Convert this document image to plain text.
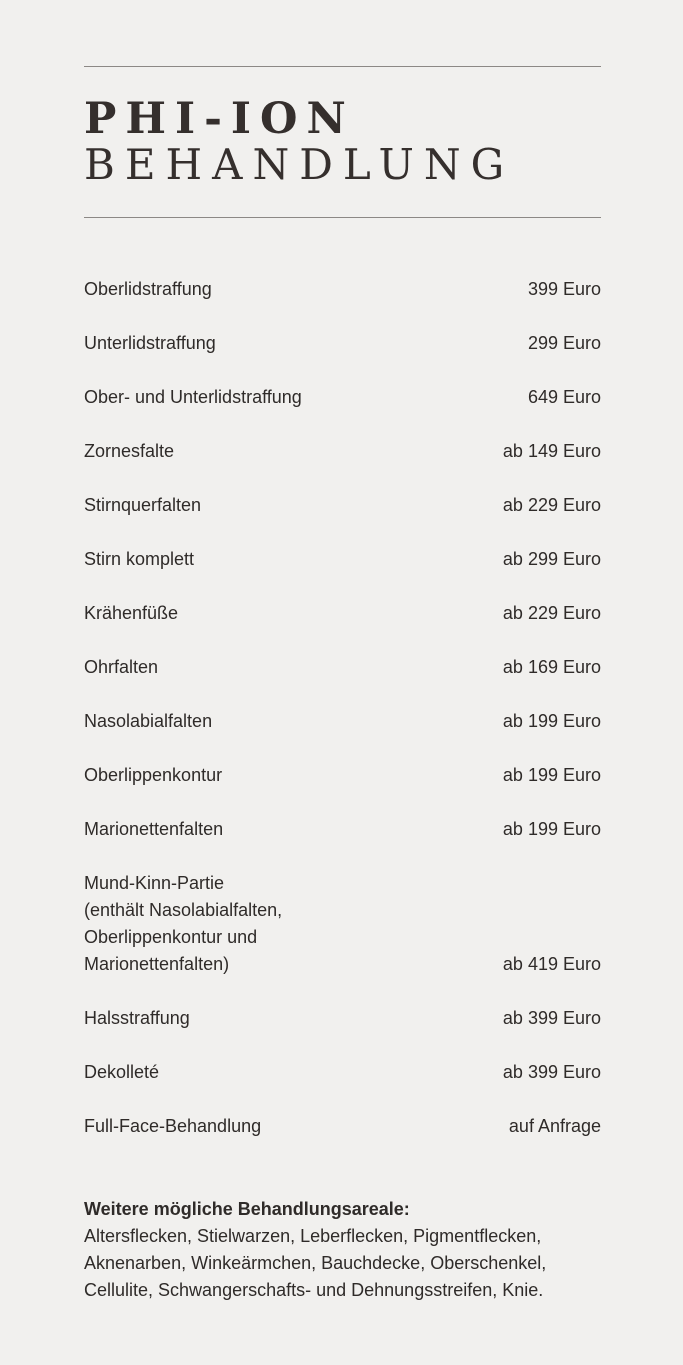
PHI-ION
BEHANDLUNG
Oberlidstraffung	399 Euro
Unterlidstraffung	299 Euro
Ober- und Unterlidstraffung	649 Euro
Zornesfalte	ab 149 Euro
Stirnquerfalten	ab 229 Euro
Stirn komplett	ab 299 Euro
Krähenfüße	ab 229 Euro
Ohrfalten	ab 169 Euro
Nasolabialfalten	ab 199 Euro
Oberlippenkontur	ab 199 Euro
Marionettenfalten	ab 199 Euro
Mund-Kinn-Partie
(enthält Nasolabialfalten,
Oberlippenkontur und
Marionettenfalten)	ab 419 Euro
Halsstraffung	ab 399 Euro
Dekolleté	ab 399 Euro
Full-Face-Behandlung	auf Anfrage
Weitere mögliche Behandlungsareale:
Altersflecken, Stielwarzen, Leberflecken, Pigmentflecken, Aknenarben, Winkeärmchen, Bauchdecke, Oberschenkel, Cellulite, Schwangerschafts- und Dehnungsstreifen, Knie.
